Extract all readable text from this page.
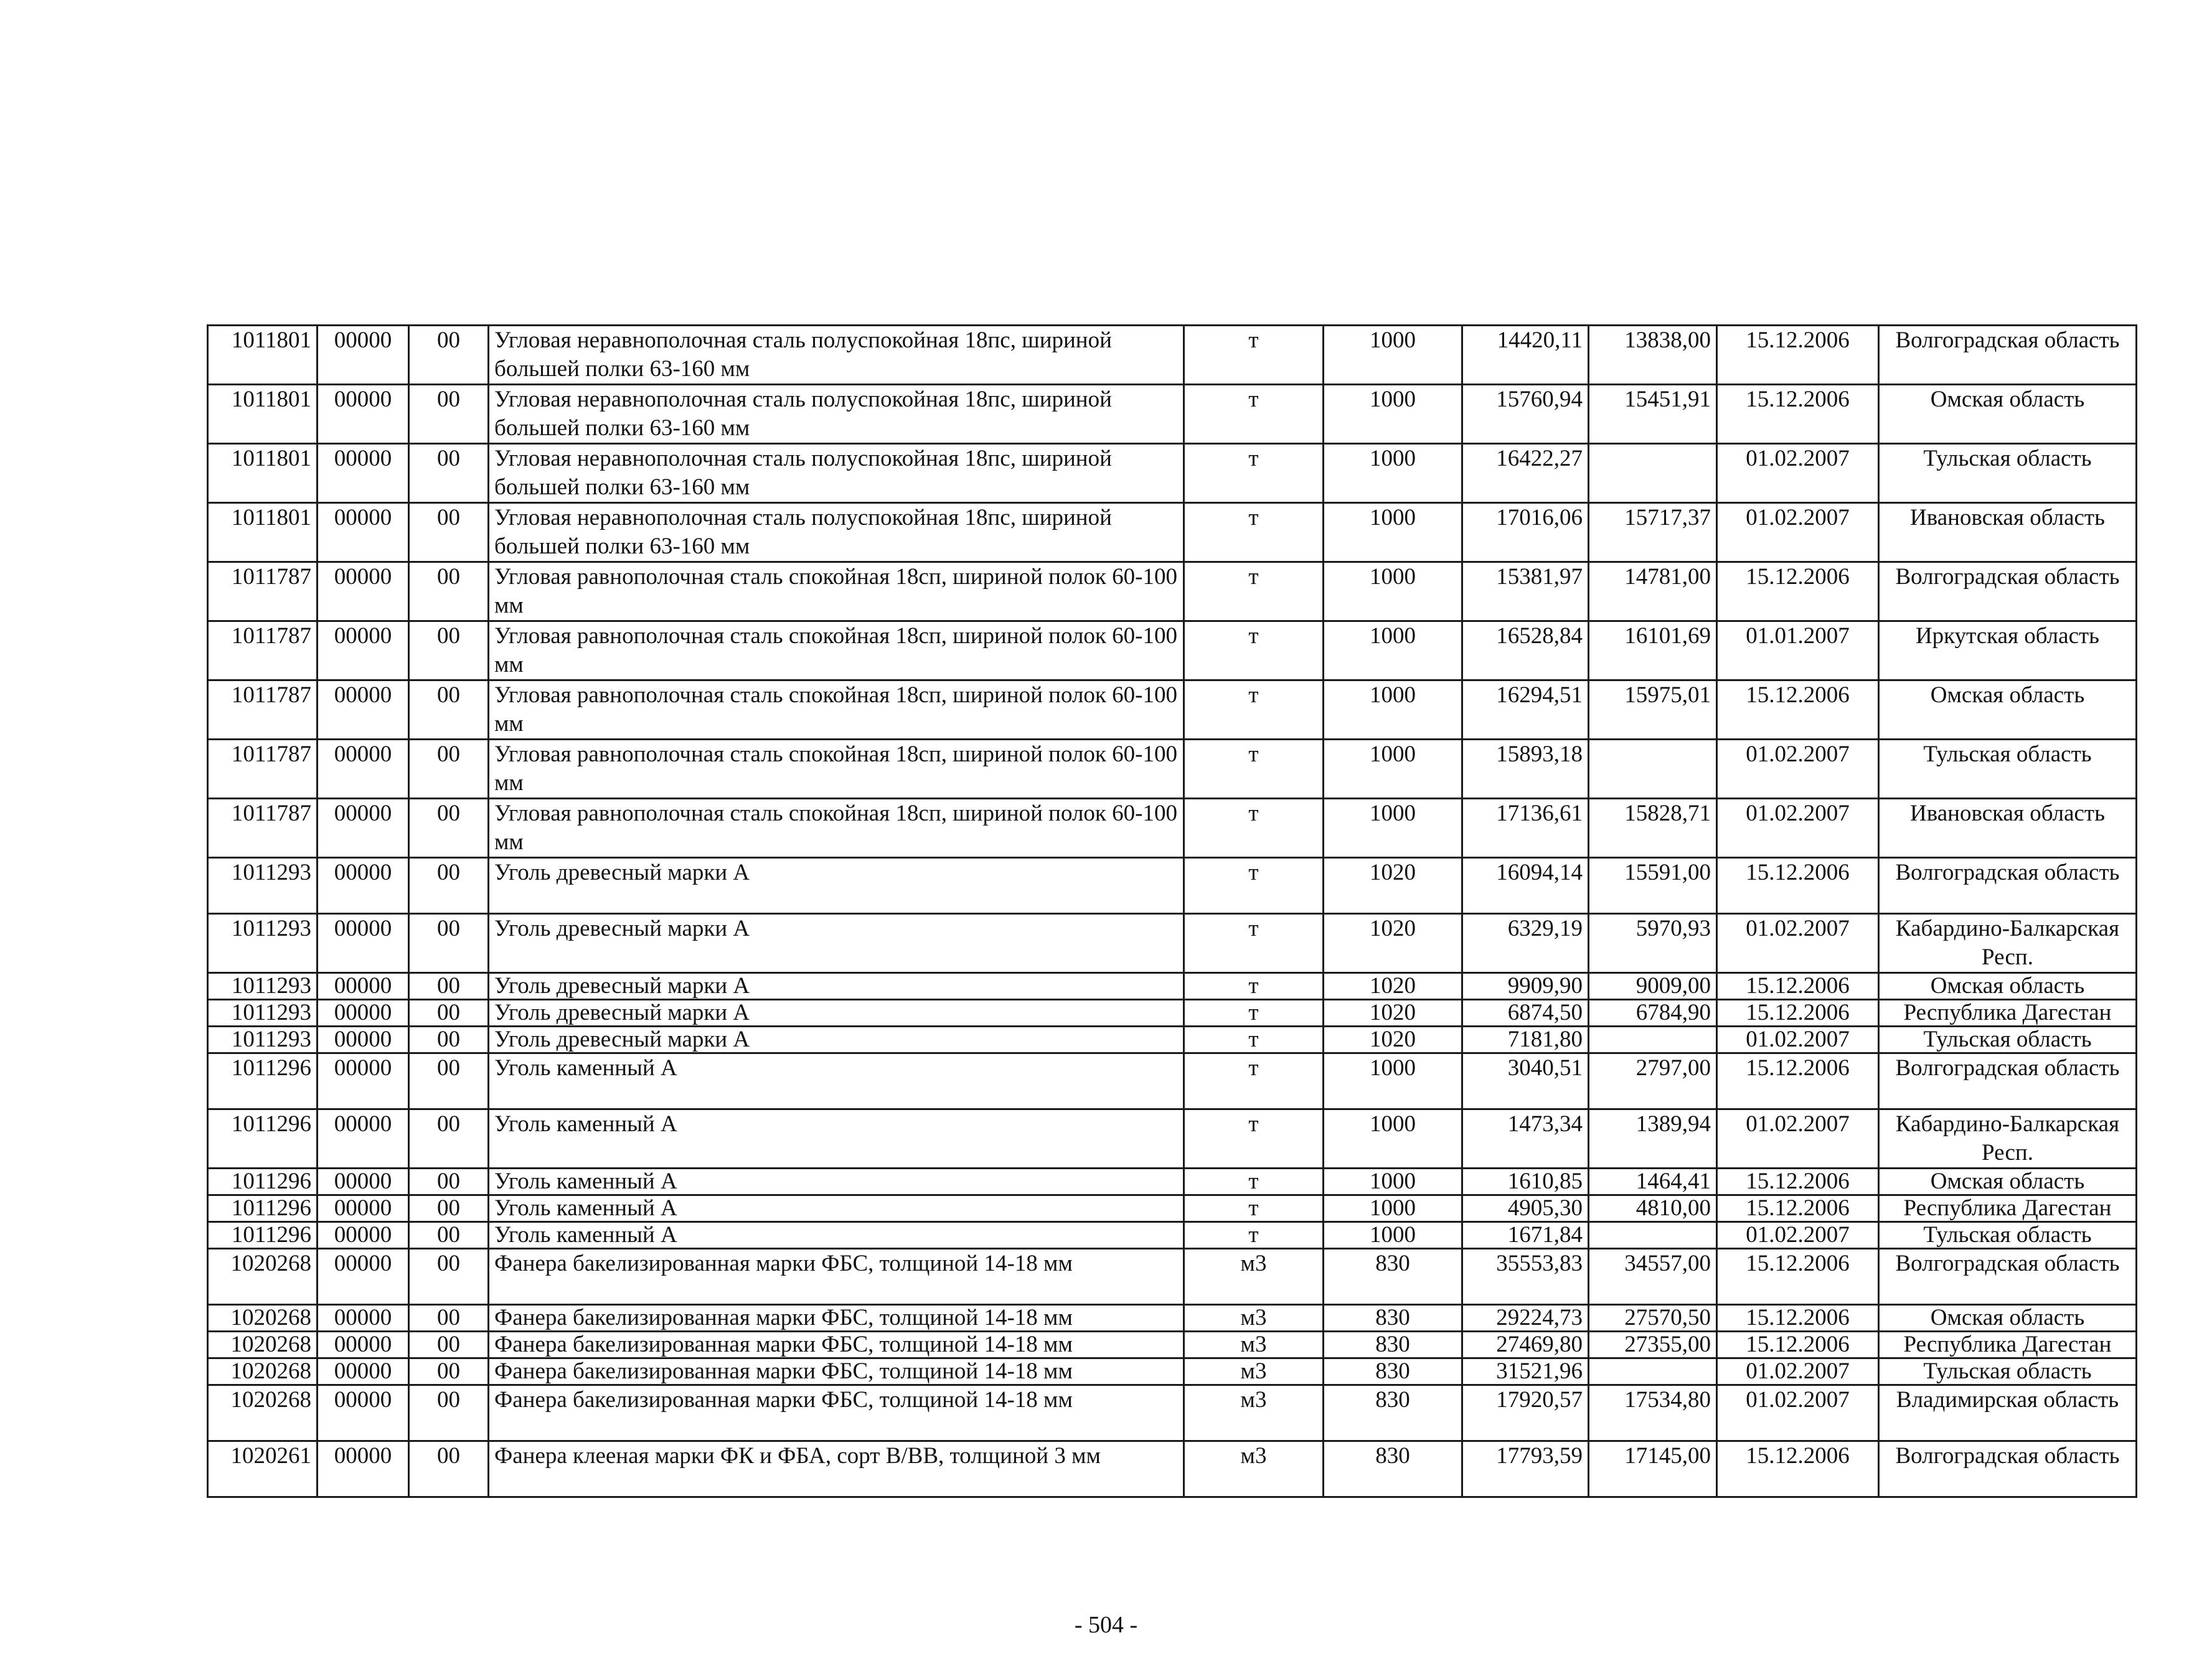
1011801	00000	00	Угловая неравнополочная сталь полуспокойная 18пс, шириной большей полки 63-160 мм	т	1000	14420,11	13838,00	15.12.2006	Волгоградская область
1011801	00000	00	Угловая неравнополочная сталь полуспокойная 18пс, шириной большей полки 63-160 мм	т	1000	15760,94	15451,91	15.12.2006	Омская область
1011801	00000	00	Угловая неравнополочная сталь полуспокойная 18пс, шириной большей полки 63-160 мм	т	1000	16422,27		01.02.2007	Тульская область
1011801	00000	00	Угловая неравнополочная сталь полуспокойная 18пс, шириной большей полки 63-160 мм	т	1000	17016,06	15717,37	01.02.2007	Ивановская область
1011787	00000	00	Угловая равнополочная сталь спокойная 18сп, шириной полок 60-100 мм	т	1000	15381,97	14781,00	15.12.2006	Волгоградская область
1011787	00000	00	Угловая равнополочная сталь спокойная 18сп, шириной полок 60-100 мм	т	1000	16528,84	16101,69	01.01.2007	Иркутская область
1011787	00000	00	Угловая равнополочная сталь спокойная 18сп, шириной полок 60-100 мм	т	1000	16294,51	15975,01	15.12.2006	Омская область
1011787	00000	00	Угловая равнополочная сталь спокойная 18сп, шириной полок 60-100 мм	т	1000	15893,18		01.02.2007	Тульская область
1011787	00000	00	Угловая равнополочная сталь спокойная 18сп, шириной полок 60-100 мм	т	1000	17136,61	15828,71	01.02.2007	Ивановская область
1011293	00000	00	Уголь древесный марки А	т	1020	16094,14	15591,00	15.12.2006	Волгоградская область
1011293	00000	00	Уголь древесный марки А	т	1020	6329,19	5970,93	01.02.2007	Кабардино-Балкарская Респ.
1011293	00000	00	Уголь древесный марки А	т	1020	9909,90	9009,00	15.12.2006	Омская область
1011293	00000	00	Уголь древесный марки А	т	1020	6874,50	6784,90	15.12.2006	Республика Дагестан
1011293	00000	00	Уголь древесный марки А	т	1020	7181,80		01.02.2007	Тульская область
1011296	00000	00	Уголь каменный А	т	1000	3040,51	2797,00	15.12.2006	Волгоградская область
1011296	00000	00	Уголь каменный А	т	1000	1473,34	1389,94	01.02.2007	Кабардино-Балкарская Респ.
1011296	00000	00	Уголь каменный А	т	1000	1610,85	1464,41	15.12.2006	Омская область
1011296	00000	00	Уголь каменный А	т	1000	4905,30	4810,00	15.12.2006	Республика Дагестан
1011296	00000	00	Уголь каменный А	т	1000	1671,84		01.02.2007	Тульская область
1020268	00000	00	Фанера бакелизированная марки ФБС, толщиной 14-18 мм	м3	830	35553,83	34557,00	15.12.2006	Волгоградская область
1020268	00000	00	Фанера бакелизированная марки ФБС, толщиной 14-18 мм	м3	830	29224,73	27570,50	15.12.2006	Омская область
1020268	00000	00	Фанера бакелизированная марки ФБС, толщиной 14-18 мм	м3	830	27469,80	27355,00	15.12.2006	Республика Дагестан
1020268	00000	00	Фанера бакелизированная марки ФБС, толщиной 14-18 мм	м3	830	31521,96		01.02.2007	Тульская область
1020268	00000	00	Фанера бакелизированная марки ФБС, толщиной 14-18 мм	м3	830	17920,57	17534,80	01.02.2007	Владимирская область
1020261	00000	00	Фанера клееная марки ФК и ФБА, сорт В/ВВ, толщиной 3 мм	м3	830	17793,59	17145,00	15.12.2006	Волгоградская область
- 504 -
